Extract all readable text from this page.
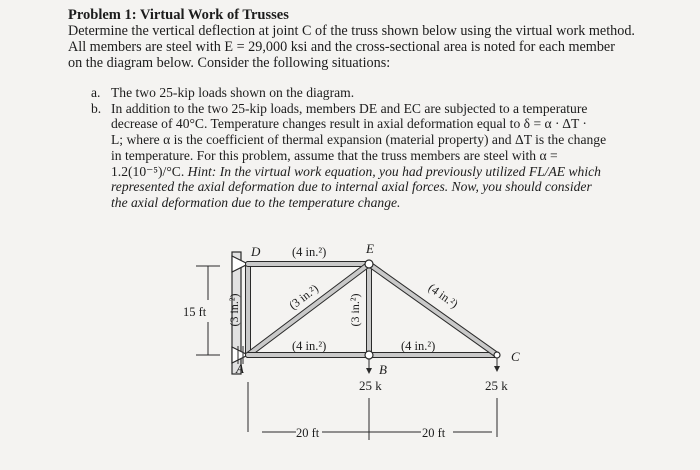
Problem 1: Virtual Work of Trusses
Determine the vertical deflection at joint C of the truss shown below using the virtual work method.
All members are steel with E = 29,000 ksi and the cross-sectional area is noted for each member
on the diagram below. Consider the following situations:
a. The two 25-kip loads shown on the diagram.
b. In addition to the two 25-kip loads, members DE and EC are subjected to a temperature
decrease of 40°C. Temperature changes result in axial deformation equal to δ = α · ΔT ·
L; where α is the coefficient of thermal expansion (material property) and ΔT is the change
in temperature. For this problem, assume that the truss members are steel with α =
1.2(10⁻⁵)/°C. Hint: In the virtual work equation, you had previously utilized FL/AE which
represented the axial deformation due to internal axial forces. Now, you should consider
the axial deformation due to the temperature change.
D	E
A	B
C
(4 in.²)
(4 in.²)	(4 in.²)
(3 in.²)	(3 in.²)
(3 in.²)	(4 in.²)
15 ft
25 k	25 k
20 ft	20 ft
